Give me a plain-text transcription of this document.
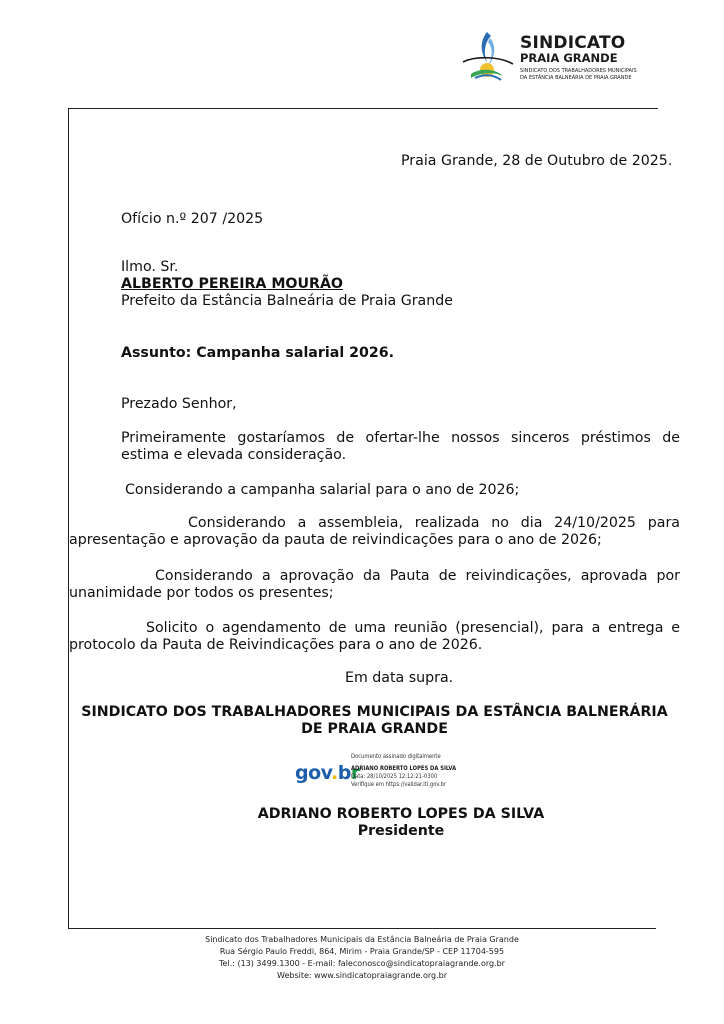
SINDICATO
PRAIA GRANDE
SINDICATO DOS TRABALHADORES MUNICIPAIS
DA ESTÂNCIA BALNEÁRIA DE PRAIA GRANDE
Praia Grande, 28 de Outubro de 2025.
Ofício n.º 207 /2025
Ilmo. Sr.
ALBERTO PEREIRA MOURÃO
Prefeito da Estância Balneária de Praia Grande
Assunto: Campanha salarial 2026.
Prezado Senhor,
Primeiramente gostaríamos de ofertar-lhe nossos sinceros préstimos de
estima e elevada consideração.
Considerando a campanha salarial para o ano de 2026;
Considerando a assembleia, realizada no dia 24/10/2025 para
apresentação e aprovação da pauta de reivindicações para o ano de 2026;
Considerando a aprovação da Pauta de reivindicações, aprovada por
unanimidade por todos os presentes;
Solicito o agendamento de uma reunião (presencial), para a entrega e
protocolo da Pauta de Reivindicações para o ano de 2026.
Em data supra.
SINDICATO DOS TRABALHADORES MUNICIPAIS DA ESTÂNCIA BALNERÁRIA
DE PRAIA GRANDE
gov.br
Documento assinado digitalmente
ADRIANO ROBERTO LOPES DA SILVA
Data: 28/10/2025 12:12:21-0300
Verifique em https://validar.iti.gov.br
ADRIANO ROBERTO LOPES DA SILVA
Presidente
Sindicato dos Trabalhadores Municipais da Estância Balneária de Praia Grande
Rua Sérgio Paulo Freddi, 864, Mirim - Praia Grande/SP - CEP 11704-595
Tel.: (13) 3499.1300 - E-mail: faleconosco@sindicatopraiagrande.org.br
Website: www.sindicatopraiagrande.org.br
